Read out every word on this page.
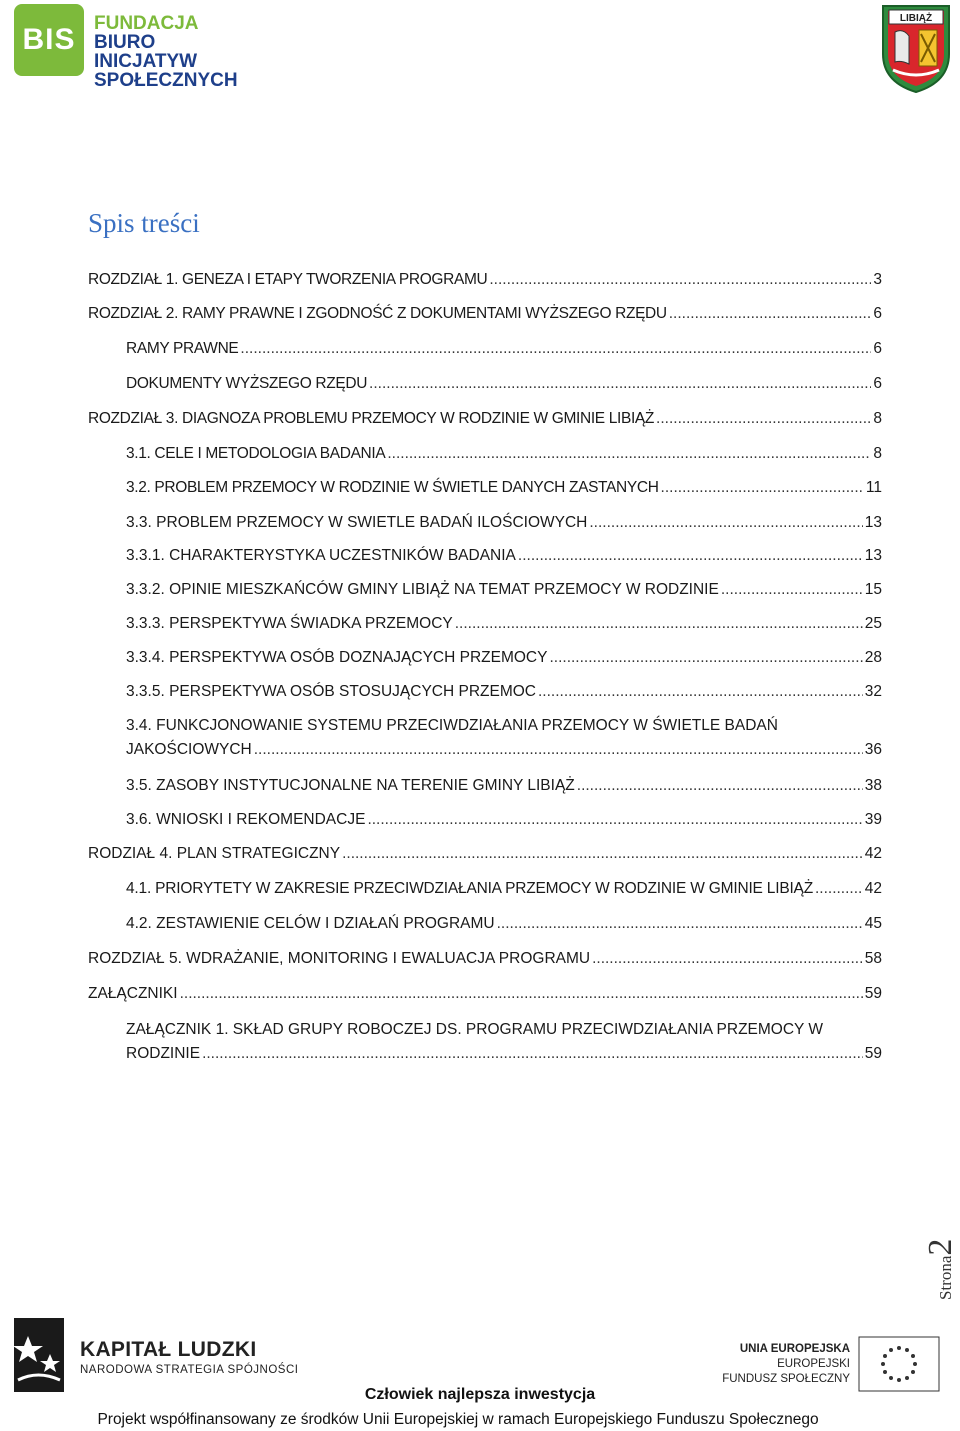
BIS FUNDACJA
BIURO INICJATYW
SPOŁECZNYCH
LIBIĄŻ
Spis treści
ROZDZIAŁ 1. GENEZA I ETAPY TWORZENIA PROGRAMU .....	3
ROZDZIAŁ 2. RAMY PRAWNE I ZGODNOŚĆ Z DOKUMENTAMI WYŻSZEGO RZĘDU .....	6
RAMY PRAWNE .....	6
DOKUMENTY WYŻSZEGO RZĘDU .....	6
ROZDZIAŁ 3. DIAGNOZA PROBLEMU PRZEMOCY W RODZINIE W GMINIE LIBIĄŻ .....	8
3.1. CELE I METODOLOGIA BADANIA .....	8
3.2. PROBLEM PRZEMOCY W RODZINIE W ŚWIETLE DANYCH ZASTANYCH .....	11
3.3. PROBLEM PRZEMOCY W SWIETLE BADAŃ ILOŚCIOWYCH .....	13
3.3.1. CHARAKTERYSTYKA UCZESTNIKÓW BADANIA .....	13
3.3.2. OPINIE MIESZKAŃCÓW GMINY LIBIĄŻ NA TEMAT PRZEMOCY W RODZINIE .....	15
3.3.3. PERSPEKTYWA ŚWIADKA PRZEMOCY .....	25
3.3.4. PERSPEKTYWA OSÓB DOZNAJĄCYCH PRZEMOCY .....	28
3.3.5. PERSPEKTYWA OSÓB STOSUJĄCYCH PRZEMOC .....	32
3.4. FUNKCJONOWANIE SYSTEMU PRZECIWDZIAŁANIA PRZEMOCY W ŚWIETLE BADAŃ
JAKOŚCIOWYCH .....	36
3.5. ZASOBY INSTYTUCJONALNE NA TERENIE GMINY LIBIĄŻ .....	38
3.6. WNIOSKI I REKOMENDACJE .....	39
RODZIAŁ 4. PLAN STRATEGICZNY .....	42
4.1. PRIORYTETY W ZAKRESIE PRZECIWDZIAŁANIA PRZEMOCY W RODZINIE W GMINIE LIBIĄŻ .....	42
4.2. ZESTAWIENIE CELÓW I DZIAŁAŃ PROGRAMU .....	45
ROZDZIAŁ 5. WDRAŻANIE, MONITORING I EWALUACJA PROGRAMU .....	58
ZAŁĄCZNIKI .....	59
ZAŁĄCZNIK 1. SKŁAD GRUPY ROBOCZEJ DS. PROGRAMU PRZECIWDZIAŁANIA PRZEMOCY W
RODZINIE .....	59
Strona2
KAPITAŁ LUDZKI
NARODOWA STRATEGIA SPÓJNOŚCI
UNIA EUROPEJSKA
EUROPEJSKI
FUNDUSZ SPOŁECZNY
Człowiek najlepsza inwestycja
Projekt współfinansowany ze środków Unii Europejskiej w ramach Europejskiego Funduszu Społecznego
